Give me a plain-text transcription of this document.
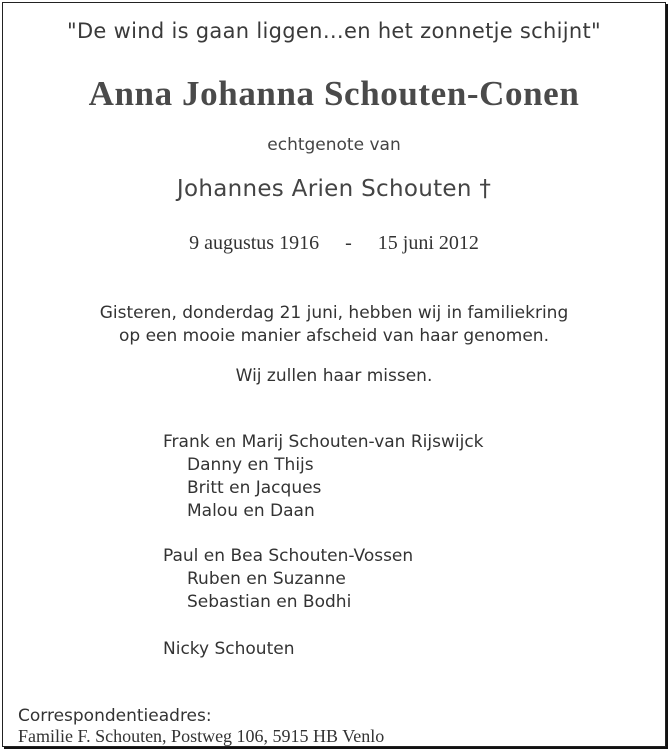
"De wind is gaan liggen…en het zonnetje schijnt"
Anna Johanna Schouten-Conen
echtgenote van
Johannes Arien Schouten †
9 augustus 1916 - 15 juni 2012
Gisteren, donderdag 21 juni, hebben wij in familiekring
op een mooie manier afscheid van haar genomen.
Wij zullen haar missen.
Frank en Marij Schouten-van Rijswijck
Danny en Thijs
Britt en Jacques
Malou en Daan
Paul en Bea Schouten-Vossen
Ruben en Suzanne
Sebastian en Bodhi
Nicky Schouten
Correspondentieadres:
Familie F. Schouten, Postweg 106, 5915 HB Venlo
